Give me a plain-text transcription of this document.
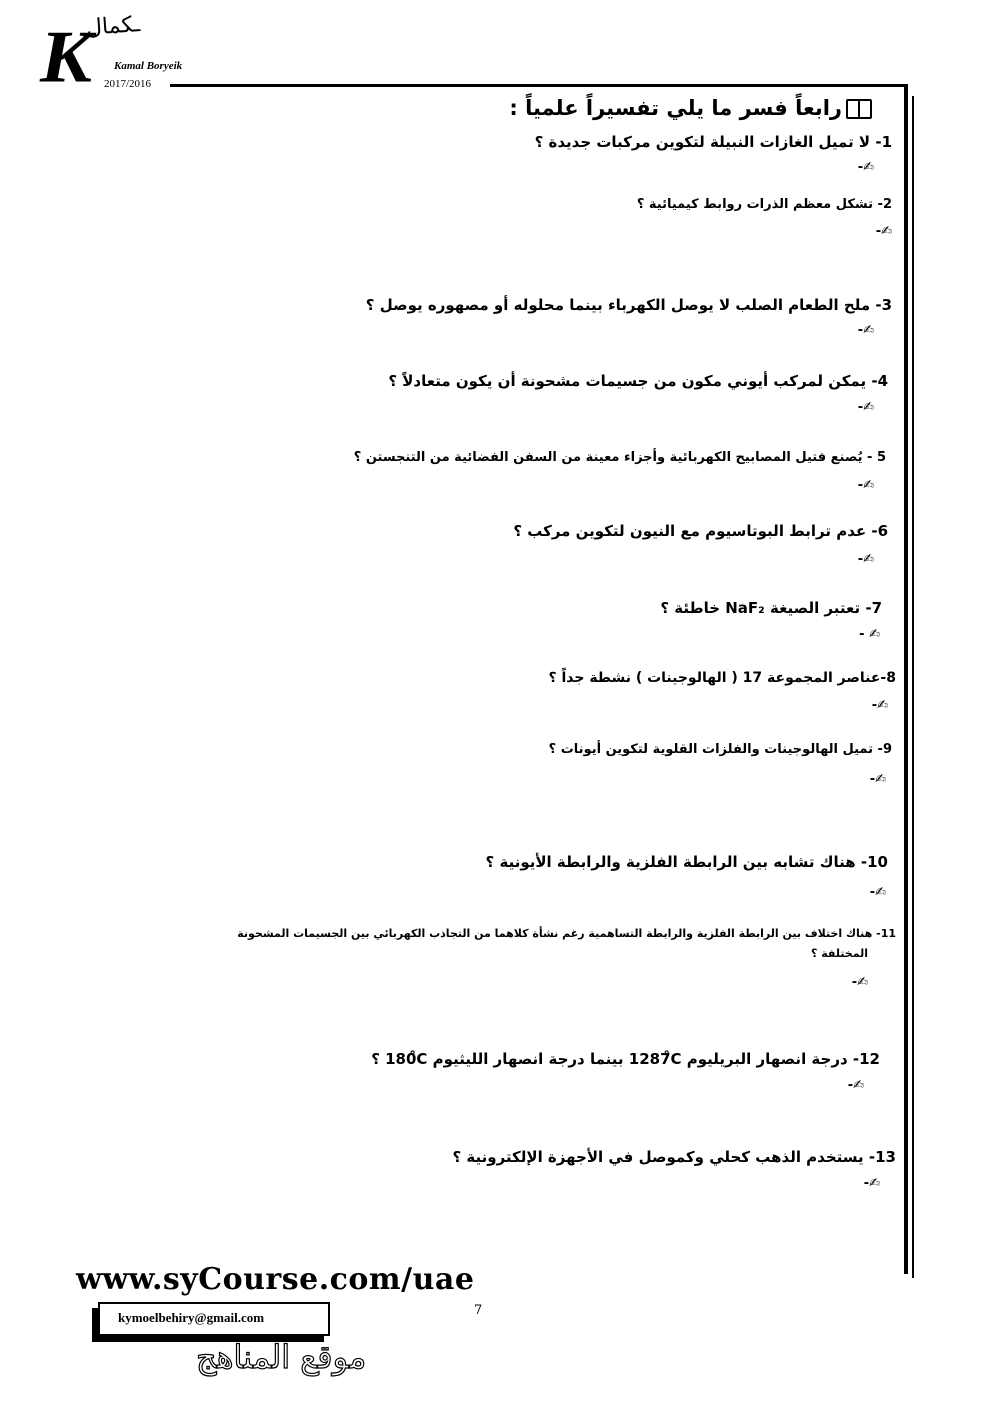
K
ـكمال
Kamal Boryeik
2017/2016
رابعاً فسر ما يلي تفسيراً علمياً :
1- لا تميل الغازات النبيلة لتكوين مركبات جديدة ؟
✍-
2- تشكل معظم الذرات روابط كيميائية ؟
✍-
3- ملح الطعام الصلب لا يوصل الكهرباء بينما محلوله أو مصهوره يوصل ؟
✍-
4- يمكن لمركب أيوني مكون من جسيمات مشحونة أن يكون متعادلاً ؟
✍-
5 - يُصنع فتيل المصابيح الكهربائية وأجزاء معينة من السفن الفضائية من التنجستن ؟
✍-
6- عدم ترابط البوتاسيوم مع النيون لتكوين مركب ؟
✍-
7- تعتبر الصيغة NaF₂ خاطئة ؟
✍ -
8-عناصر المجموعة 17 ( الهالوجينات ) نشطة جداً ؟
✍-
9- تميل الهالوجينات والفلزات القلوية لتكوين أيونات ؟
✍-
10- هناك تشابه بين الرابطة الفلزية والرابطة الأيونية ؟
✍-
11- هناك اختلاف بين الرابطة الفلزية والرابطة التساهمية رغم نشأة كلاهما من التجاذب الكهربائي بين الجسيمات المشحونة
المختلفة ؟
✍-
12- درجة انصهار البريليوم 1287̊C بينما درجة انصهار الليثيوم 180̊C ؟
✍-
13- يستخدم الذهب كحلي وكموصل في الأجهزة الإلكترونية ؟
✍-
www.syCourse.com/uae
7
kymoelbehiry@gmail.com
موقع المناهج
